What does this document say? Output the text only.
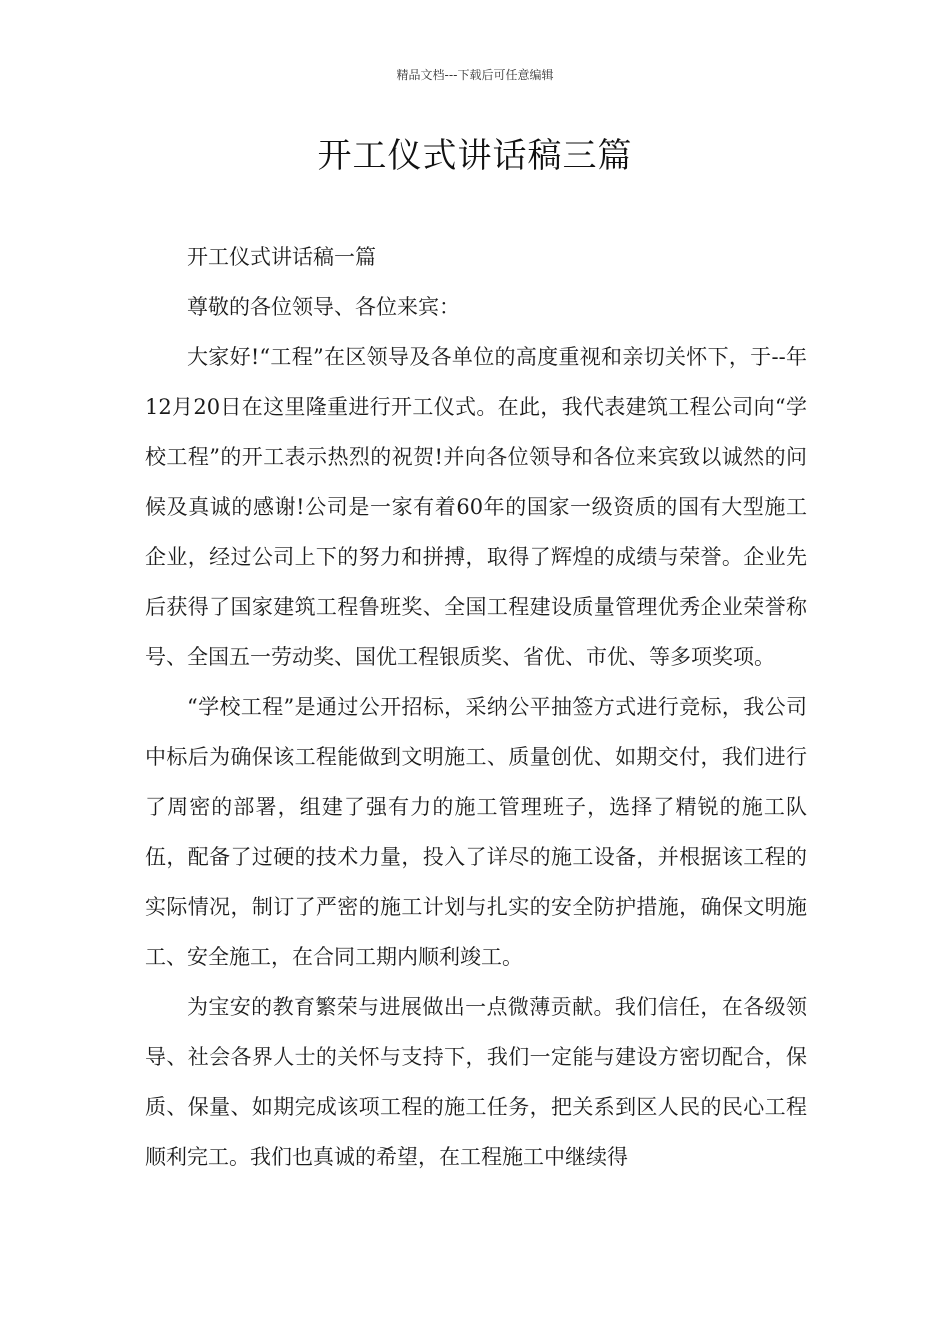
精品文档---下载后可任意编辑
开工仪式讲话稿三篇

开工仪式讲话稿一篇

尊敬的各位领导、各位来宾：

大家好!“工程”在区领导及各单位的高度重视和亲切关怀下，于--年12月20日在这里隆重进行开工仪式。在此，我代表建筑工程公司向“学校工程”的开工表示热烈的祝贺!并向各位领导和各位来宾致以诚然的问候及真诚的感谢!公司是一家有着60年的国家一级资质的国有大型施工企业，经过公司上下的努力和拼搏，取得了辉煌的成绩与荣誉。企业先后获得了国家建筑工程鲁班奖、全国工程建设质量管理优秀企业荣誉称号、全国五一劳动奖、国优工程银质奖、省优、市优、等多项奖项。

“学校工程”是通过公开招标，采纳公平抽签方式进行竞标，我公司中标后为确保该工程能做到文明施工、质量创优、如期交付，我们进行了周密的部署，组建了强有力的施工管理班子，选择了精锐的施工队伍，配备了过硬的技术力量，投入了详尽的施工设备，并根据该工程的实际情况，制订了严密的施工计划与扎实的安全防护措施，确保文明施工、安全施工，在合同工期内顺利竣工。

为宝安的教育繁荣与进展做出一点微薄贡献。我们信任，在各级领导、社会各界人士的关怀与支持下，我们一定能与建设方密切配合，保质、保量、如期完成该项工程的施工任务，把关系到区人民的民心工程顺利完工。我们也真诚的希望，在工程施工中继续得
